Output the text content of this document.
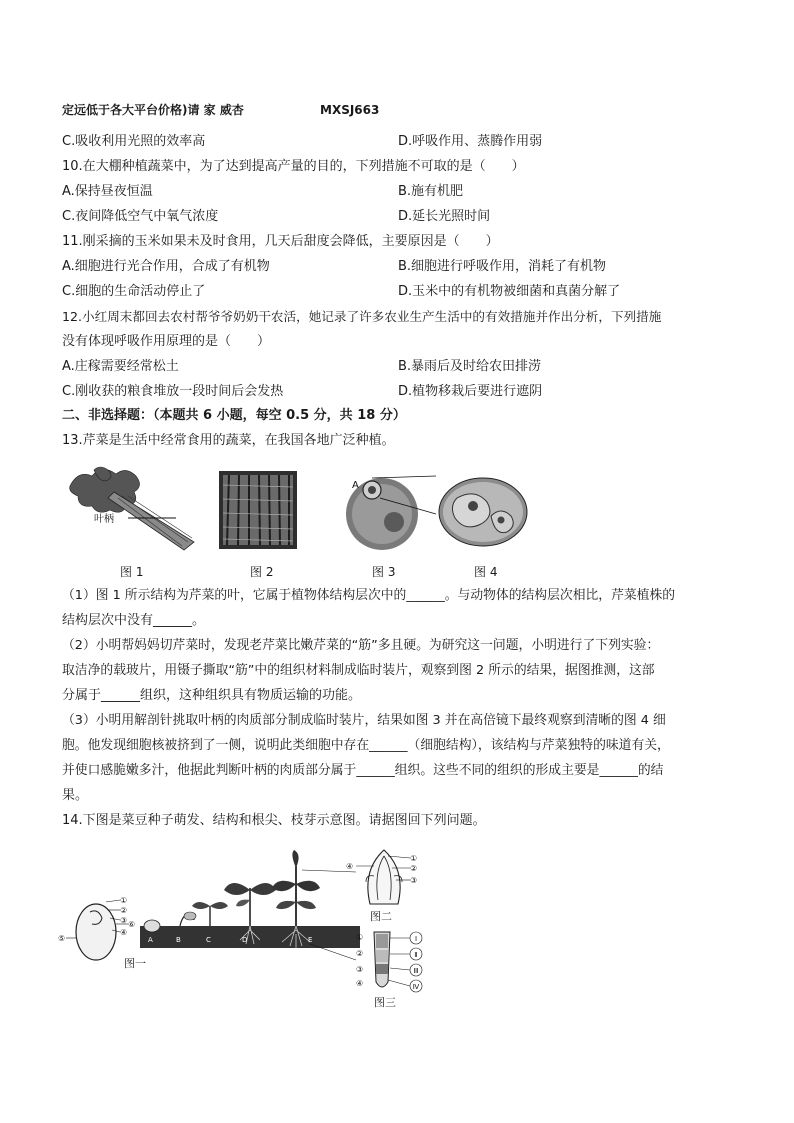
定远低于各大平台价格)请 家 威杏	MXSJ663
C.吸收利用光照的效率高	D.呼吸作用、蒸腾作用弱
10.在大棚种植蔬菜中，为了达到提高产量的目的，下列措施不可取的是（　　）
A.保持昼夜恒温	B.施有机肥
C.夜间降低空气中氧气浓度	D.延长光照时间
11.刚采摘的玉米如果未及时食用，几天后甜度会降低，主要原因是（　　）
A.细胞进行光合作用，合成了有机物	B.细胞进行呼吸作用，消耗了有机物
C.细胞的生命活动停止了	D.玉米中的有机物被细菌和真菌分解了
12.小红周末都回去农村帮爷爷奶奶干农活，她记录了许多农业生产生活中的有效措施并作出分析，下列措施
没有体现呼吸作用原理的是（　　）
A.庄稼需要经常松土	B.暴雨后及时给农田排涝
C.刚收获的粮食堆放一段时间后会发热	D.植物移栽后要进行遮阴
二、非选择题：（本题共 6 小题，每空 0.5 分，共 18 分）
13.芹菜是生活中经常食用的蔬菜，在我国各地广泛种植。
叶柄
A
图 1	图 2	图 3	图 4
（1）图 1 所示结构为芹菜的叶，它属于植物体结构层次中的______。与动物体的结构层次相比，芹菜植株的
结构层次中没有______。
（2）小明帮妈妈切芹菜时，发现老芹菜比嫩芹菜的“筋”多且硬。为研究这一问题，小明进行了下列实验：
取洁净的载玻片，用镊子撕取“筋”中的组织材料制成临时装片，观察到图 2 所示的结果，据图推测，这部
分属于______组织，这种组织具有物质运输的功能。
（3）小明用解剖针挑取叶柄的肉质部分制成临时装片，结果如图 3 并在高倍镜下最终观察到清晰的图 4 细
胞。他发现细胞核被挤到了一侧，说明此类细胞中存在______（细胞结构），该结构与芹菜独特的味道有关，
并使口感脆嫩多汁，他据此判断叶柄的肉质部分属于______组织。这些不同的组织的形成主要是______的结
果。
14.下图是菜豆种子萌发、结构和根尖、枝芽示意图。请据图回下列问题。
①
②
③
④
⑤
⑥
A	B	C	D	E
图一
①
②
③
④
图二
①
②
③
④
Ⅰ
Ⅱ
Ⅲ
Ⅳ
图三
